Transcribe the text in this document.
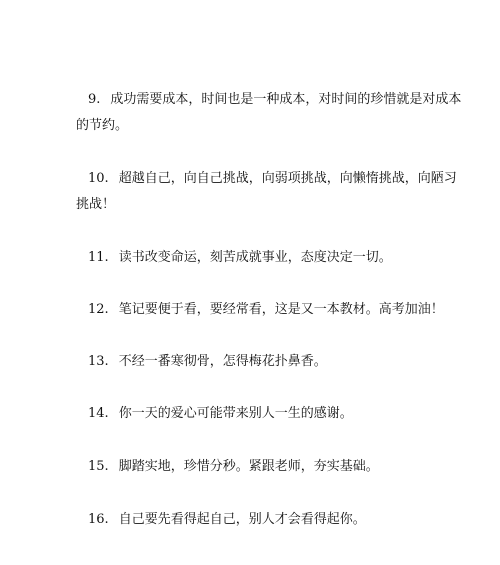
9. 成功需要成本，时间也是一种成本，对时间的珍惜就是对成本
的节约。
10. 超越自己，向自己挑战，向弱项挑战，向懒惰挑战，向陋习
挑战！
11. 读书改变命运，刻苦成就事业，态度决定一切。
12. 笔记要便于看，要经常看，这是又一本教材。高考加油！
13. 不经一番寒彻骨，怎得梅花扑鼻香。
14. 你一天的爱心可能带来别人一生的感谢。
15. 脚踏实地，珍惜分秒。紧跟老师，夯实基础。
16. 自己要先看得起自己，别人才会看得起你。
